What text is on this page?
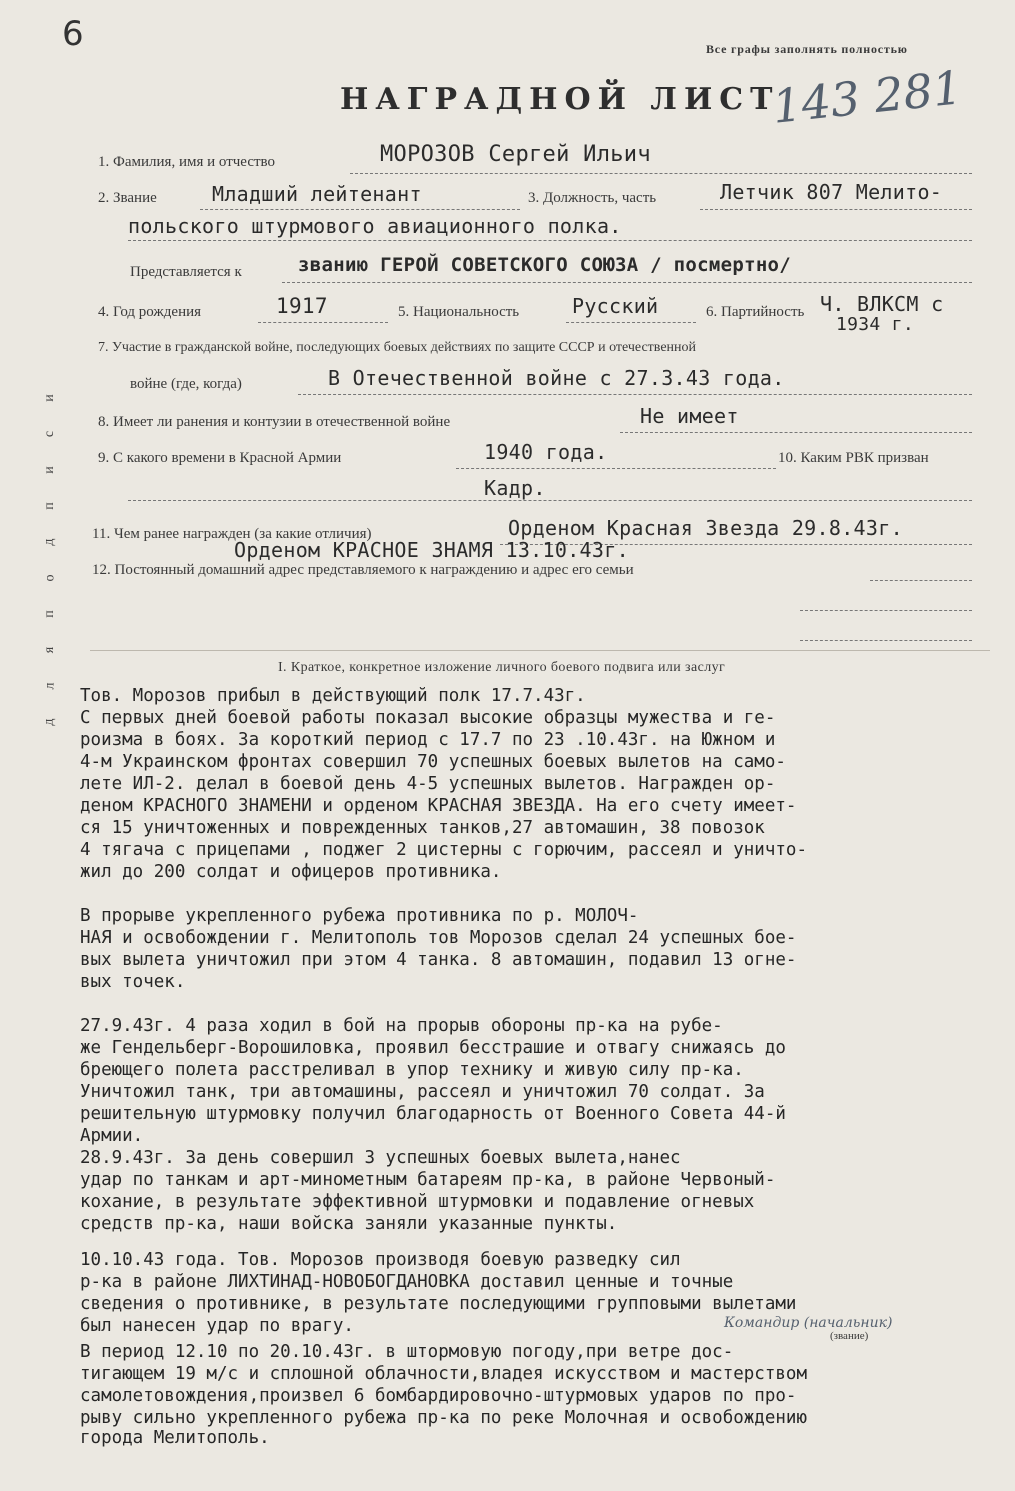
6	Все графы заполнять полностью
143 281
НАГРАДНОЙ ЛИСТ
1. Фамилия, имя и отчество	МОРОЗОВ Сергей Ильич
2. Звание	Младший лейтенант	3. Должность, часть	Летчик 807 Мелито-
польского штурмового авиационного полка.
Представляется к	званию ГЕРОЙ СОВЕТСКОГО СОЮЗА / посмертно/
4. Год рождения	1917	5. Национальность	Русский	6. Партийность Ч. ВЛКСМ с
1934 г.
7. Участие в гражданской войне, последующих боевых действиях по защите СССР и отечественной
войне (где, когда)	В Отечественной войне с 27.3.43 года.
8. Имеет ли ранения и контузии в отечественной войне	Не имеет
9. С какого времени в Красной Армии	1940 года.	10. Каким РВК призван
Кадр.
11. Чем ранее награжден (за какие отличия)	Орденом Красная Звезда 29.8.43г.
Орденом КРАСНОЕ ЗНАМЯ 13.10.43г.
12. Постоянный домашний адрес представляемого к награждению и адрес его семьи
и
с
и
п
д
о
п
я
л
д
I. Краткое, конкретное изложение личного боевого подвига или заслуг
Тов. Морозов прибыл в действующий полк 17.7.43г.
С первых дней боевой работы показал высокие образцы мужества и ге-
роизма в боях. За короткий период с 17.7 по 23 .10.43г. на Южном и
4-м Украинском фронтах совершил 70 успешных боевых вылетов на само-
лете ИЛ-2. делал в боевой день 4-5 успешных вылетов. Награжден ор-
деном КРАСНОГО ЗНАМЕНИ и орденом КРАСНАЯ ЗВЕЗДА. На его счету имеет-
ся 15 уничтоженных и поврежденных танков,27 автомашин, 38 повозок
4 тягача с прицепами , поджег 2 цистерны с горючим, рассеял и уничто-
жил до 200 солдат и офицеров противника.
В прорыве укрепленного рубежа противника по р. МОЛОЧ-
НАЯ и освобождении г. Мелитополь тов Морозов сделал 24 успешных бое-
вых вылета уничтожил при этом 4 танка. 8 автомашин, подавил 13 огне-
вых точек.
27.9.43г. 4 раза ходил в бой на прорыв обороны пр-ка на рубе-
же Гендельберг-Ворошиловка, проявил бесстрашие и отвагу снижаясь до
бреющего полета расстреливал в упор технику и живую силу пр-ка.
Уничтожил танк, три автомашины, рассеял и уничтожил 70 солдат. За
решительную штурмовку получил благодарность от Военного Совета 44-й
Армии.
28.9.43г. За день совершил 3 успешных боевых вылета,нанес
удар по танкам и арт-минометным батареям пр-ка, в районе Червоный-
кохание, в результате эффективной штурмовки и подавление огневых
средств пр-ка, наши войска заняли указанные пункты.
10.10.43 года. Тов. Морозов производя боевую разведку сил
р-ка в районе ЛИХТИНАД-НОВОБОГДАНОВКА доставил ценные и точные
сведения о противнике, в результате последующими групповыми вылетами
был нанесен удар по врагу.
В период 12.10 по 20.10.43г. в штормовую погоду,при ветре дос-
тигающем 19 м/с и сплошной облачности,владея искусством и мастерством
самолетовождения,произвел 6 бомбардировочно-штурмовых ударов по про-
рыву сильно укрепленного рубежа пр-ка по реке Молочная и освобождению
города Мелитополь.
Командир (начальник)
(звание)
